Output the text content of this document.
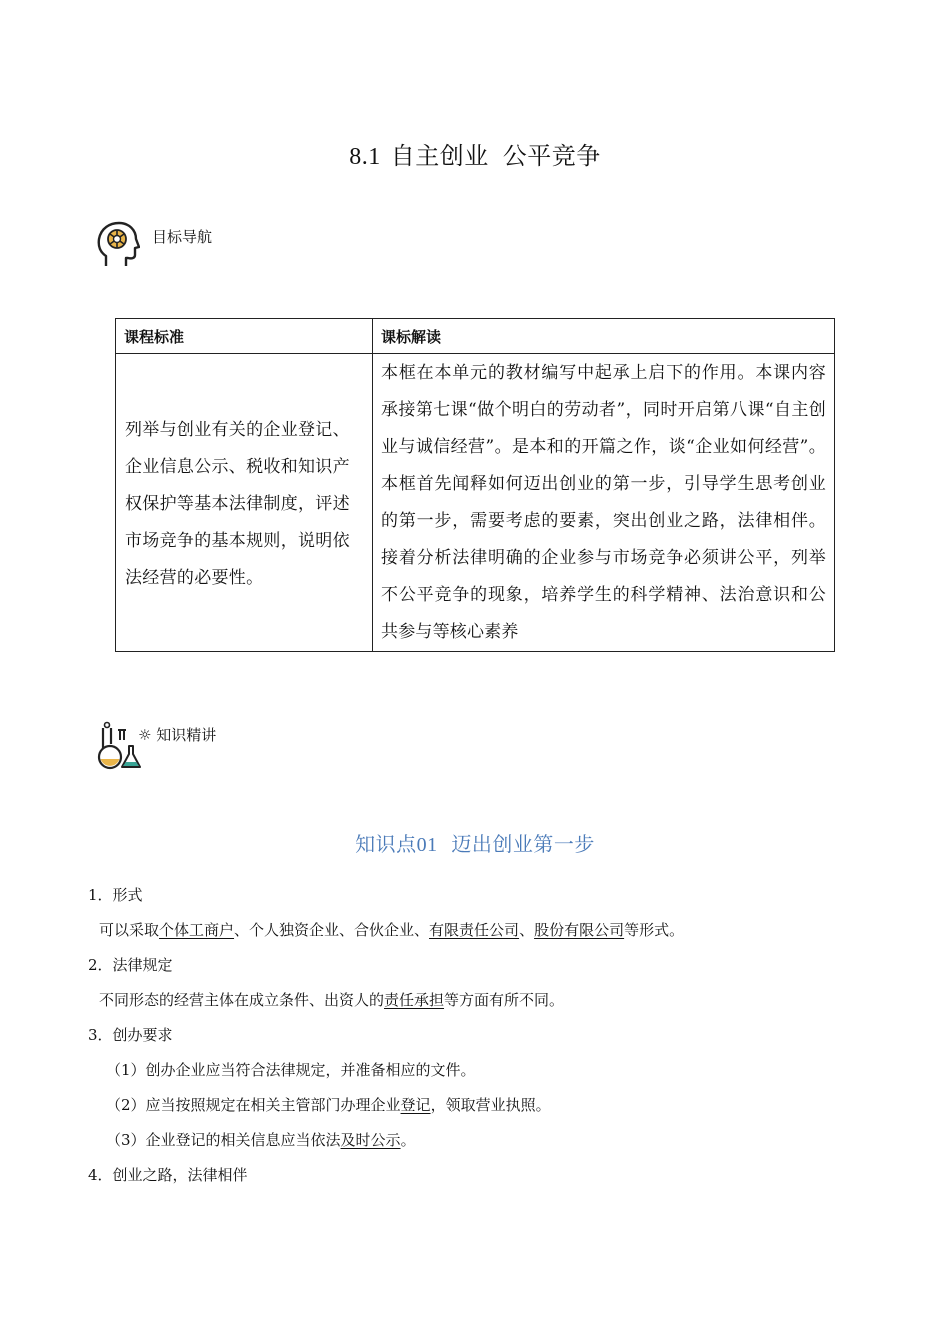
8.1 自主创业 公平竞争
目标导航
课程标准	课标解读

列举与创业有关的企业登记、企业信息公示、税收和知识产权保护等基本法律制度，评述市场竞争的基本规则，说明依法经营的必要性。	本框在本单元的教材编写中起承上启下的作用。本课内容承接第七课“做个明白的劳动者”，同时开启第八课“自主创业与诚信经营”。是本和的开篇之作，谈“企业如何经营”。本框首先闻释如何迈出创业的第一步，引导学生思考创业的第一步，需要考虑的要素，突出创业之路，法律相伴。接着分析法律明确的企业参与市场竞争必须讲公平，列举不公平竞争的现象，培养学生的科学精神、法治意识和公共参与等核心素养
☼ 知识精讲
知识点01 迈出创业第一步
1．形式
可以采取个体工商户、个人独资企业、合伙企业、有限责任公司、股份有限公司等形式。
2．法律规定
不同形态的经营主体在成立条件、出资人的责任承担等方面有所不同。
3．创办要求
（1）创办企业应当符合法律规定，并准备相应的文件。
（2）应当按照规定在相关主管部门办理企业登记，领取营业执照。
（3）企业登记的相关信息应当依法及时公示。
4．创业之路，法律相伴
